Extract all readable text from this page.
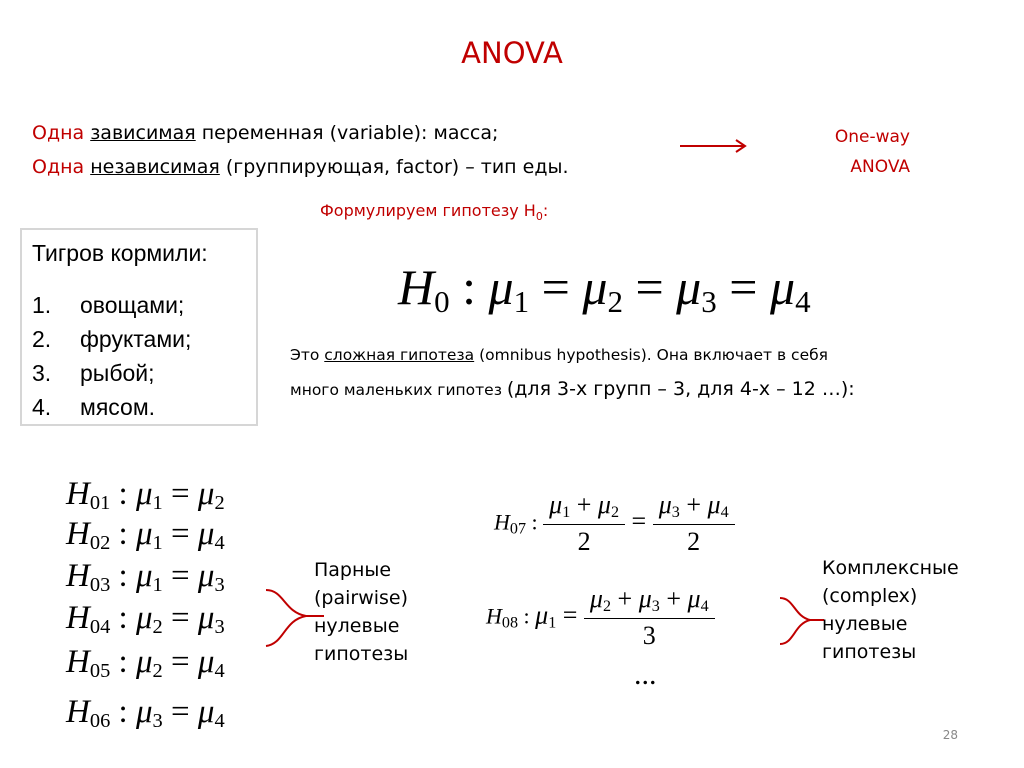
ANOVA
Одна зависимая переменная (variable): масса;
Одна независимая (группирующая, factor) – тип еды.
One-way
ANOVA
Формулируем гипотезу $H_0$:
Тигров кормили:
1. овощами;
2. фруктами;
3. рыбой;
4. мясом.
$H_0$ : $\mu_1 = \mu_2 = \mu_3 = \mu_4$
Это сложная гипотеза (omnibus hypothesis). Она включает в себя
много маленьких гипотез (для 3-х групп – 3, для 4-х – 12 …):
$H_{01}$ : $\mu_1 = \mu_2$
$H_{02}$ : $\mu_1 = \mu_4$
$H_{03}$ : $\mu_1 = \mu_3$
$H_{04}$ : $\mu_2 = \mu_3$
$H_{05}$ : $\mu_2 = \mu_4$
$H_{06}$ : $\mu_3 = \mu_4$
Парные
(pairwise)
нулевые
гипотезы
$H_{07}$ : $\frac{\mu_1 + \mu_2}{2} = \frac{\mu_3 + \mu_4}{2}$
$H_{08}$ : $\mu_1 = \frac{\mu_2 + \mu_3 + \mu_4}{3}$
...
Комплексные
(complex)
нулевые
гипотезы
28
